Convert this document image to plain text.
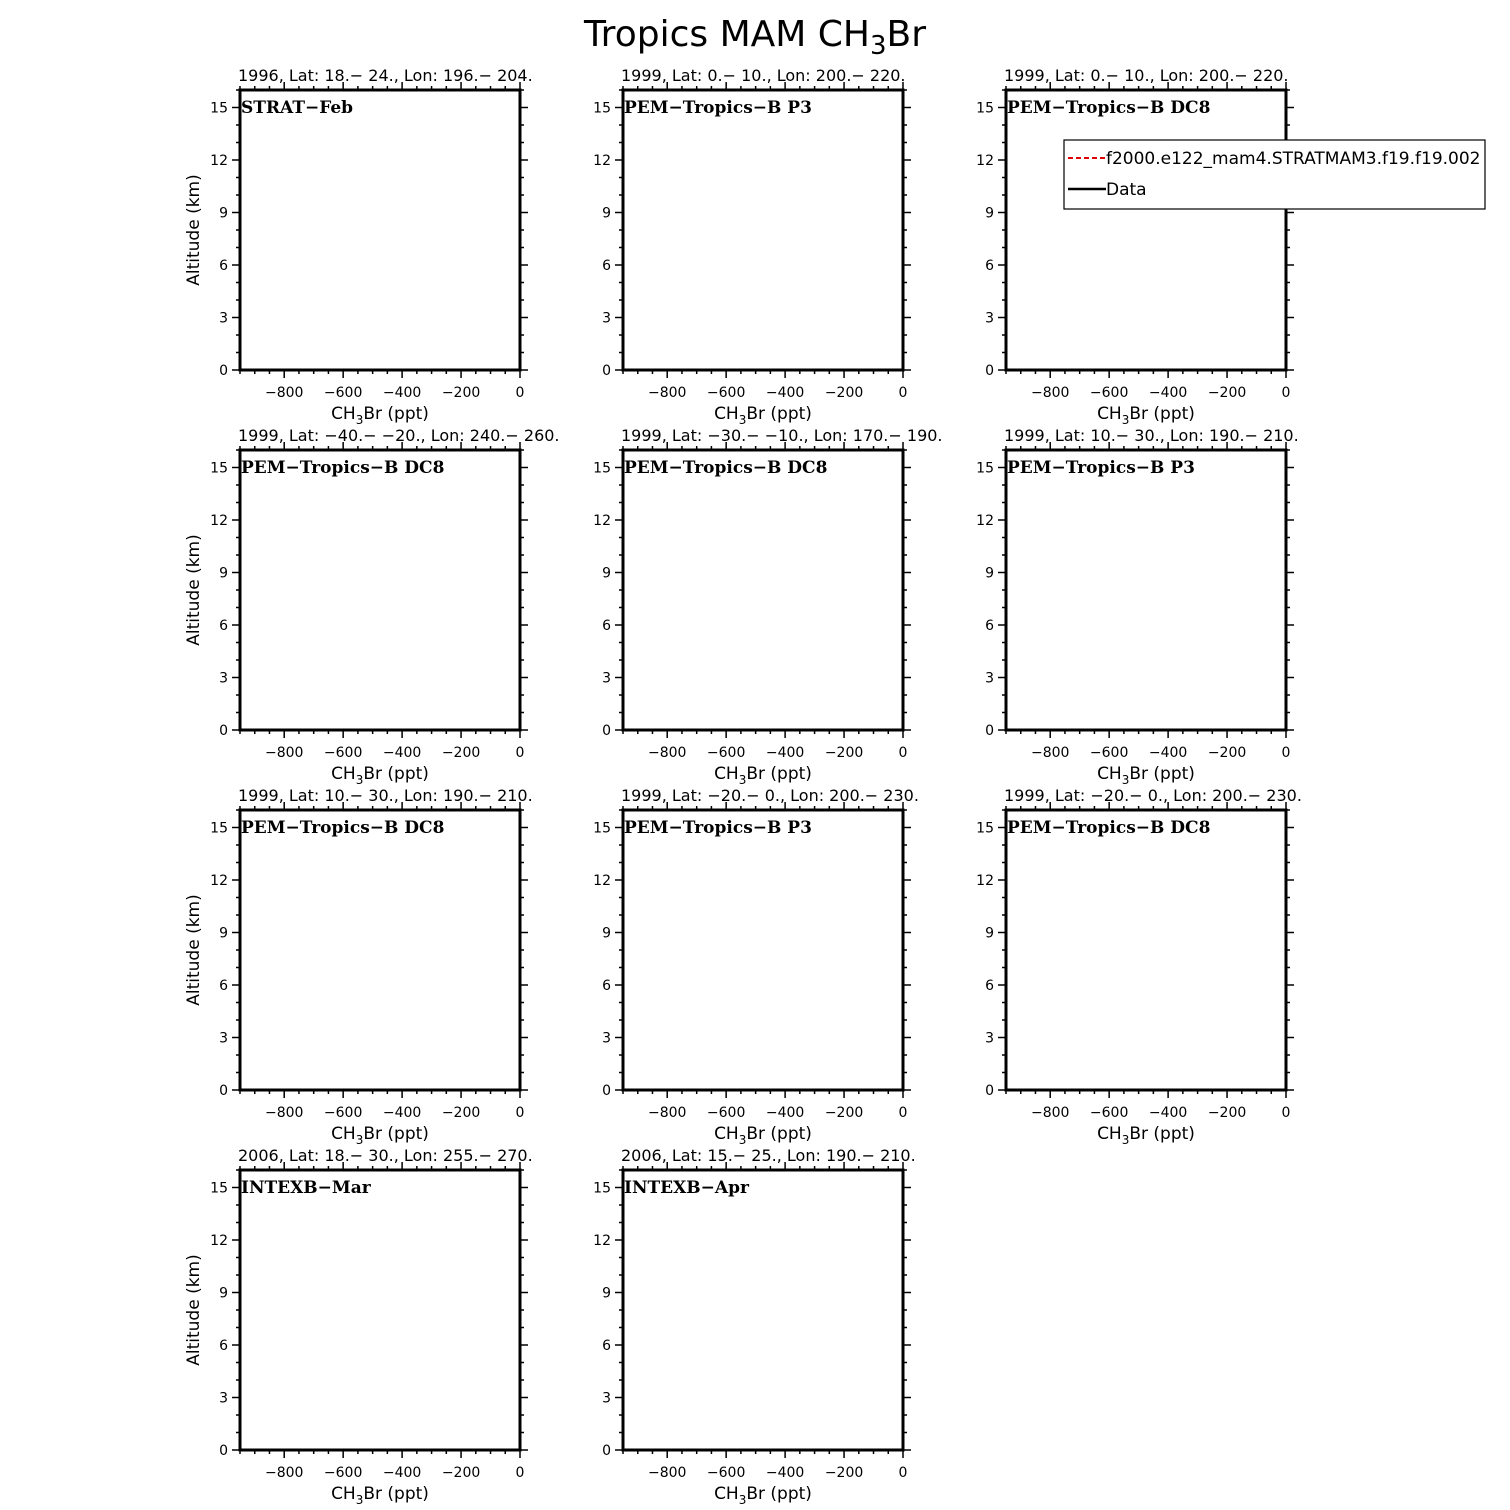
Tropics MAM $CH_3Br$
1996, Lat: 18.− 24., Lon: 196.− 204.
0
3
6
9
12
15
−800 −600 −400 −200	0
$CH_3Br$ (ppt)
Altitude (km)
STRAT−Feb
1999, Lat: 0.− 10., Lon: 200.− 220.
0
3
6
9
12
15
−800 −600 −400 −200	0
$CH_3Br$ (ppt)
PEM−Tropics−B P3
1999, Lat: 0.− 10., Lon: 200.− 220.
0
3
6
9
12
15
−800 −600 −400 −200	0
$CH_3Br$ (ppt)
PEM−Tropics−B DC8
1999, Lat: −40.− −20., Lon: 240.− 260.
0
3
6
9
12
15
−800 −600 −400 −200	0
$CH_3Br$ (ppt)
Altitude (km)
PEM−Tropics−B DC8
1999, Lat: −30.− −10., Lon: 170.− 190.
0
3
6
9
12
15
−800 −600 −400 −200	0
$CH_3Br$ (ppt)
PEM−Tropics−B DC8
1999, Lat: 10.− 30., Lon: 190.− 210.
0
3
6
9
12
15
−800 −600 −400 −200	0
$CH_3Br$ (ppt)
PEM−Tropics−B P3
1999, Lat: 10.− 30., Lon: 190.− 210.
0
3
6
9
12
15
−800 −600 −400 −200	0
$CH_3Br$ (ppt)
Altitude (km)
PEM−Tropics−B DC8
1999, Lat: −20.− 0., Lon: 200.− 230.
0
3
6
9
12
15
−800 −600 −400 −200	0
$CH_3Br$ (ppt)
PEM−Tropics−B P3
1999, Lat: −20.− 0., Lon: 200.− 230.
0
3
6
9
12
15
−800 −600 −400 −200	0
$CH_3Br$ (ppt)
PEM−Tropics−B DC8
2006, Lat: 18.− 30., Lon: 255.− 270.
0
3
6
9
12
15
−800 −600 −400 −200	0
$CH_3Br$ (ppt)
Altitude (km)
INTEXB−Mar
2006, Lat: 15.− 25., Lon: 190.− 210.
0
3
6
9
12
15
−800 −600 −400 −200	0
$CH_3Br$ (ppt)
INTEXB−Apr
f2000.e122_mam4.STRATMAM3.f19.f19.002
Data
